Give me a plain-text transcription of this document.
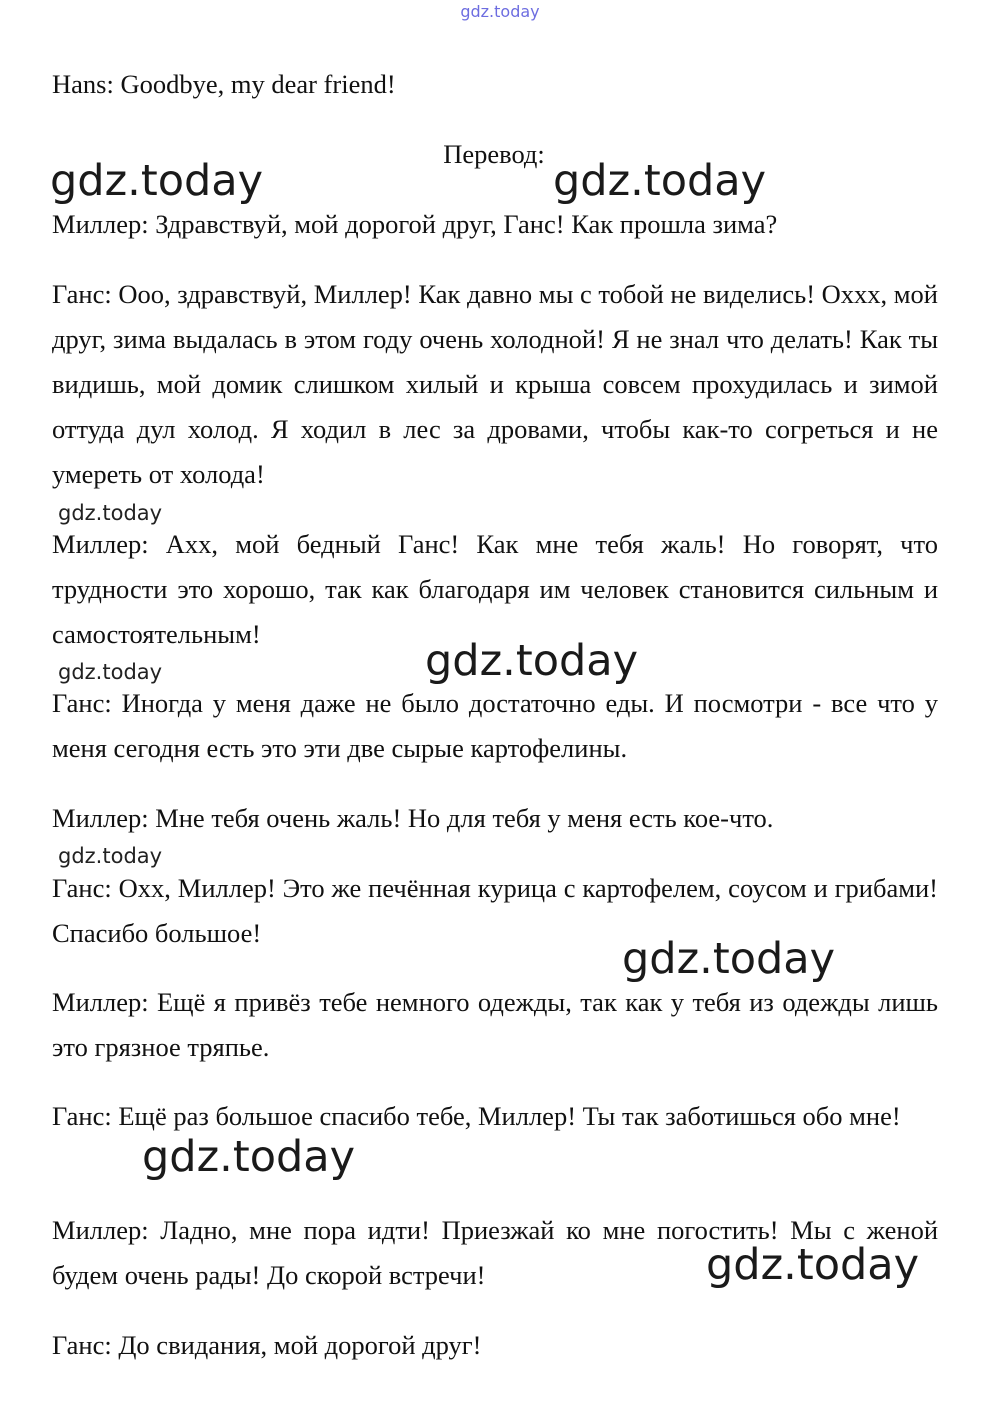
gdz.today

Hans: Goodbye, my dear friend!

Перевод:

Миллер: Здравствуй, мой дорогой друг, Ганс! Как прошла зима?

Ганс: Ооо, здравствуй, Миллер! Как давно мы с тобой не виделись! Охxx, мой друг, зима выдалась в этом году очень холодной! Я не знал что делать! Как ты видишь, мой домик слишком хилый и крыша совсем прохудилась и зимой оттуда дул холод. Я ходил в лес за дровами, чтобы как-то согреться и не умереть от холода!

Миллер: Ахх, мой бедный Ганс! Как мне тебя жаль! Но говорят, что трудности это хорошо, так как благодаря им человек становится сильным и самостоятельным!

Ганс: Иногда у меня даже не было достаточно еды. И посмотри - все что у меня сегодня есть это эти две сырые картофелины.

Миллер: Мне тебя очень жаль! Но для тебя у меня есть кое-что.

Ганс: Охх, Миллер! Это же печённая курица с картофелем, соусом и грибами! Спасибо большое!

Миллер: Ещё я привёз тебе немного одежды, так как у тебя из одежды лишь это грязное тряпье.

Ганс: Ещё раз большое спасибо тебе, Миллер! Ты так заботишься обо мне!

Миллер: Ладно, мне пора идти! Приезжай ко мне погостить! Мы с женой будем очень рады! До скорой встречи!

Ганс: До свидания, мой дорогой друг!

gdz.today	gdz.today
gdz.today
gdz.today
gdz.today
gdz.today
gdz.today
gdz.today
gdz.today
